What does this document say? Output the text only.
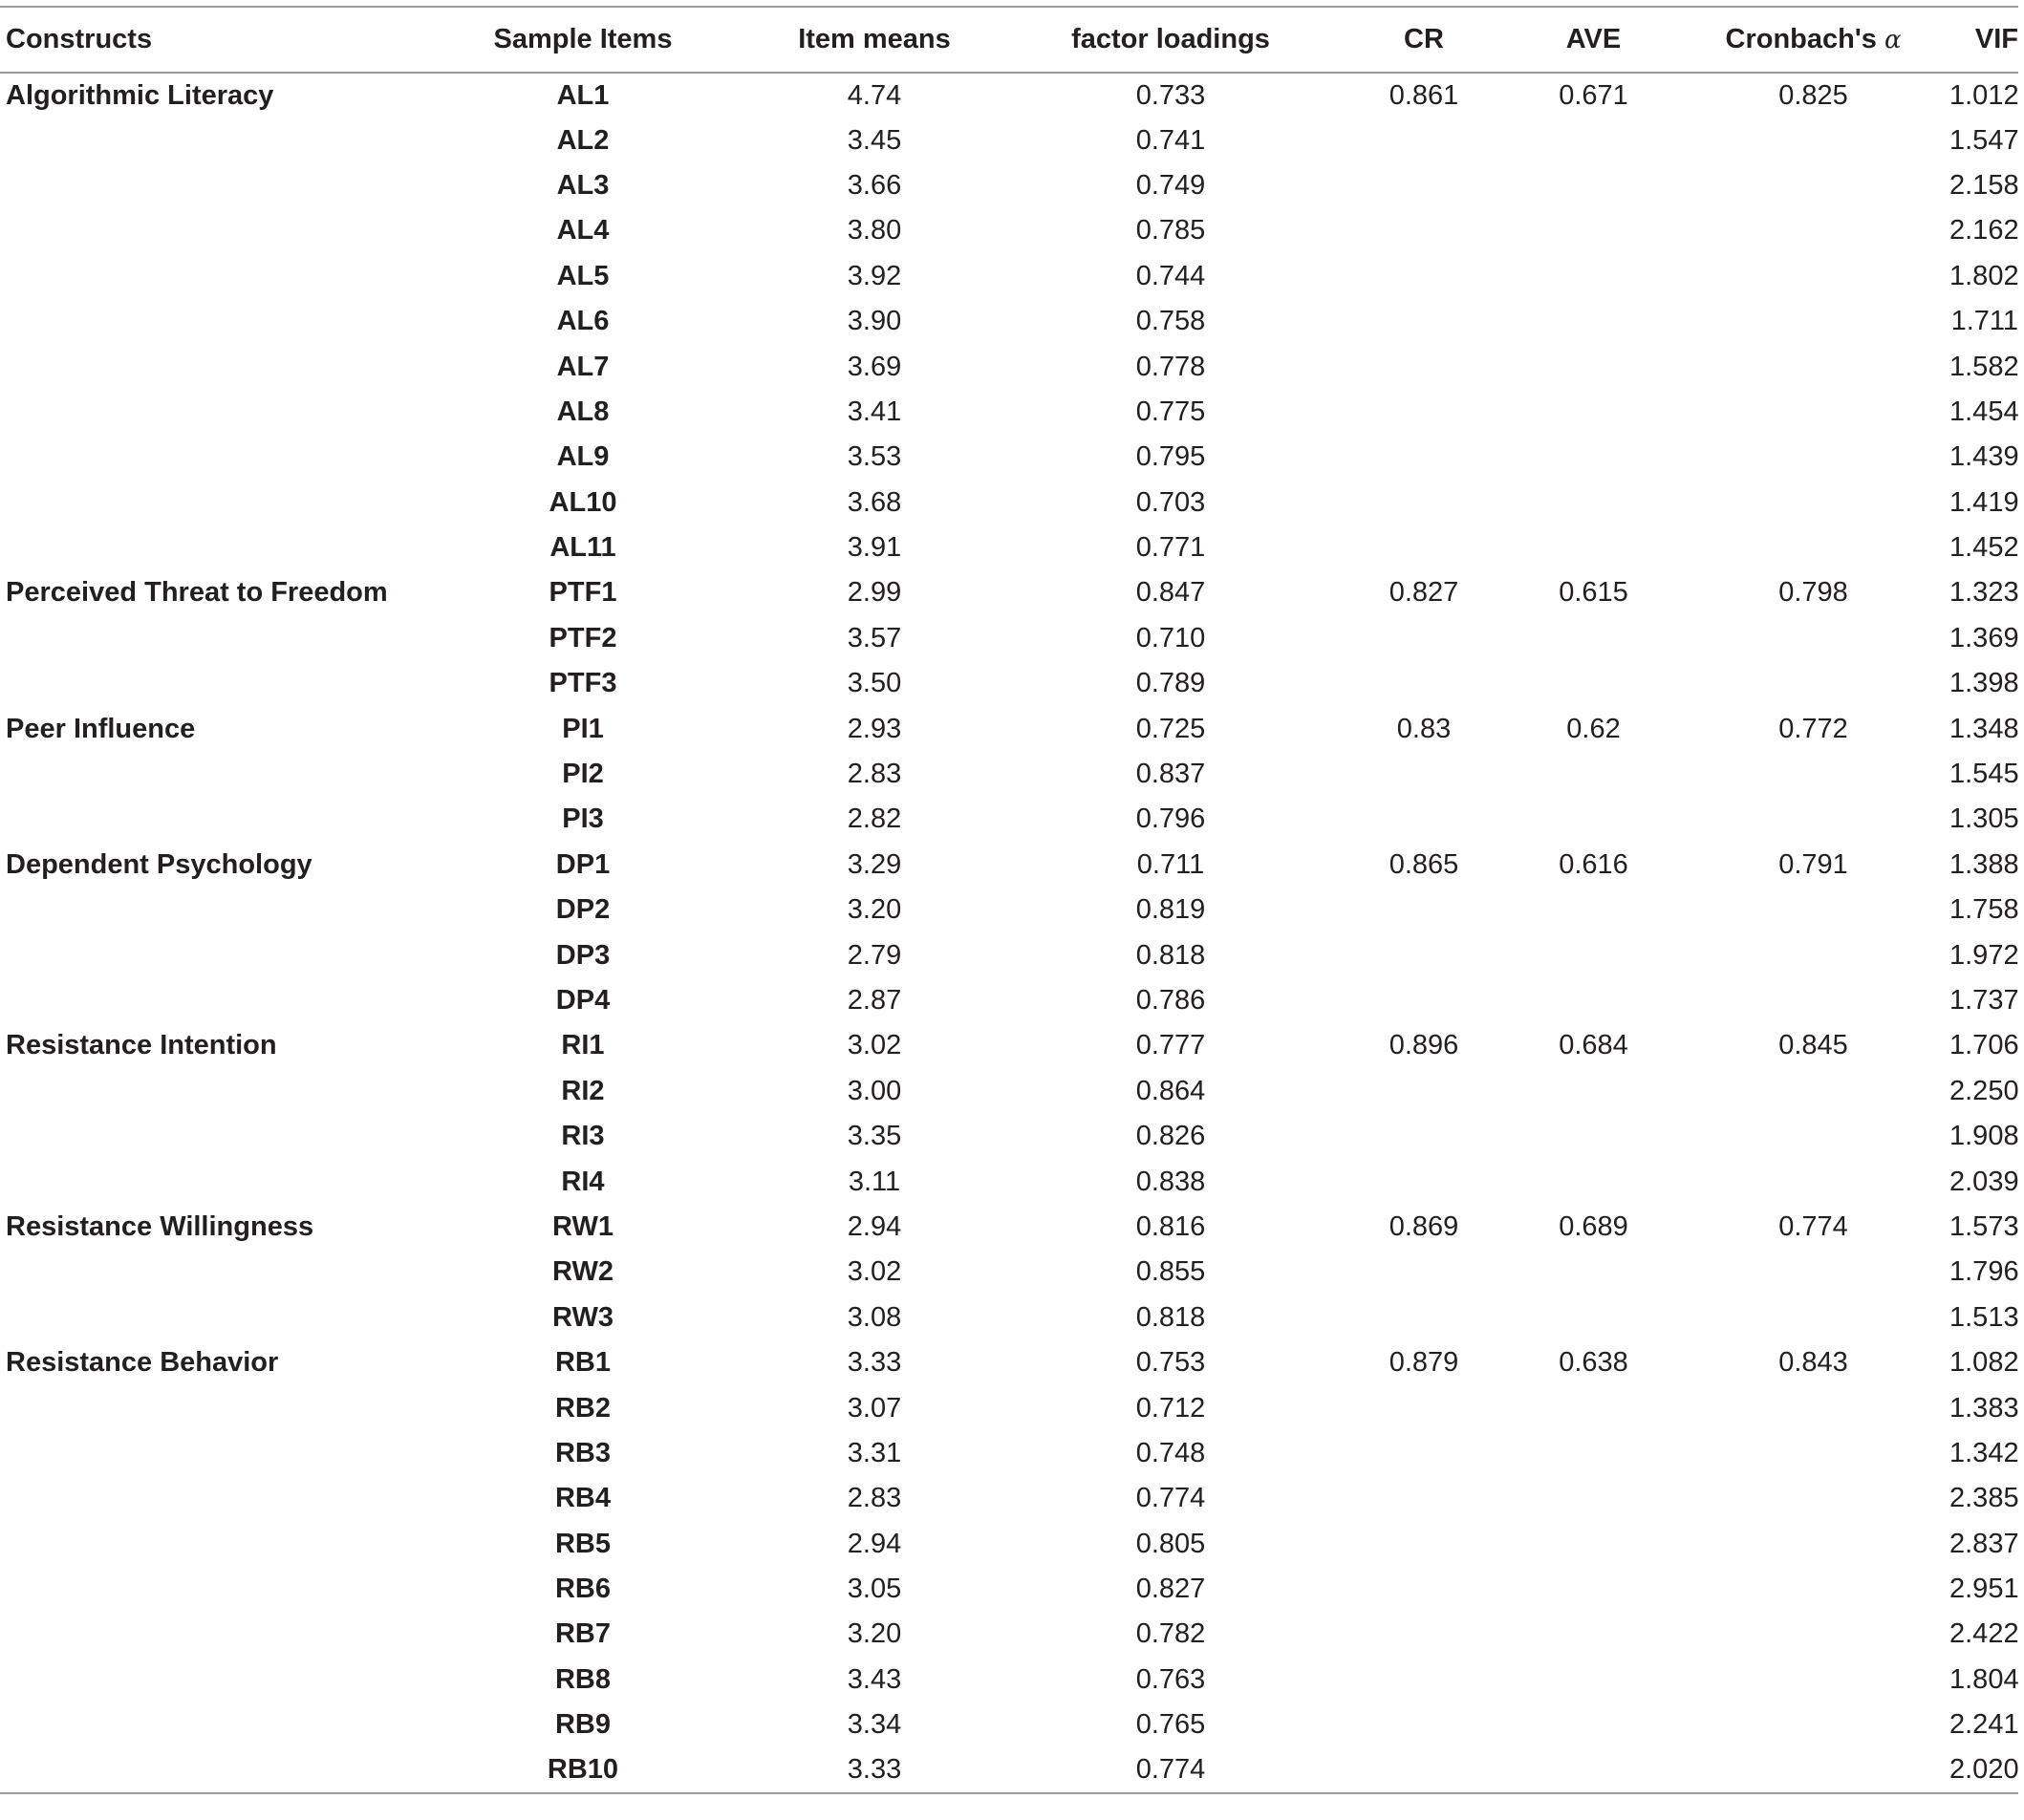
Constructs	Sample Items	Item means	factor loadings	CR	AVE	Cronbach's α	VIF
Algorithmic Literacy	AL1	4.74	0.733	0.861	0.671	0.825	1.012
	AL2	3.45	0.741				1.547
	AL3	3.66	0.749				2.158
	AL4	3.80	0.785				2.162
	AL5	3.92	0.744				1.802
	AL6	3.90	0.758				1.711
	AL7	3.69	0.778				1.582
	AL8	3.41	0.775				1.454
	AL9	3.53	0.795				1.439
	AL10	3.68	0.703				1.419
	AL11	3.91	0.771				1.452
Perceived Threat to Freedom	PTF1	2.99	0.847	0.827	0.615	0.798	1.323
	PTF2	3.57	0.710				1.369
	PTF3	3.50	0.789				1.398
Peer Influence	PI1	2.93	0.725	0.83	0.62	0.772	1.348
	PI2	2.83	0.837				1.545
	PI3	2.82	0.796				1.305
Dependent Psychology	DP1	3.29	0.711	0.865	0.616	0.791	1.388
	DP2	3.20	0.819				1.758
	DP3	2.79	0.818				1.972
	DP4	2.87	0.786				1.737
Resistance Intention	RI1	3.02	0.777	0.896	0.684	0.845	1.706
	RI2	3.00	0.864				2.250
	RI3	3.35	0.826				1.908
	RI4	3.11	0.838				2.039
Resistance Willingness	RW1	2.94	0.816	0.869	0.689	0.774	1.573
	RW2	3.02	0.855				1.796
	RW3	3.08	0.818				1.513
Resistance Behavior	RB1	3.33	0.753	0.879	0.638	0.843	1.082
	RB2	3.07	0.712				1.383
	RB3	3.31	0.748				1.342
	RB4	2.83	0.774				2.385
	RB5	2.94	0.805				2.837
	RB6	3.05	0.827				2.951
	RB7	3.20	0.782				2.422
	RB8	3.43	0.763				1.804
	RB9	3.34	0.765				2.241
	RB10	3.33	0.774				2.020
